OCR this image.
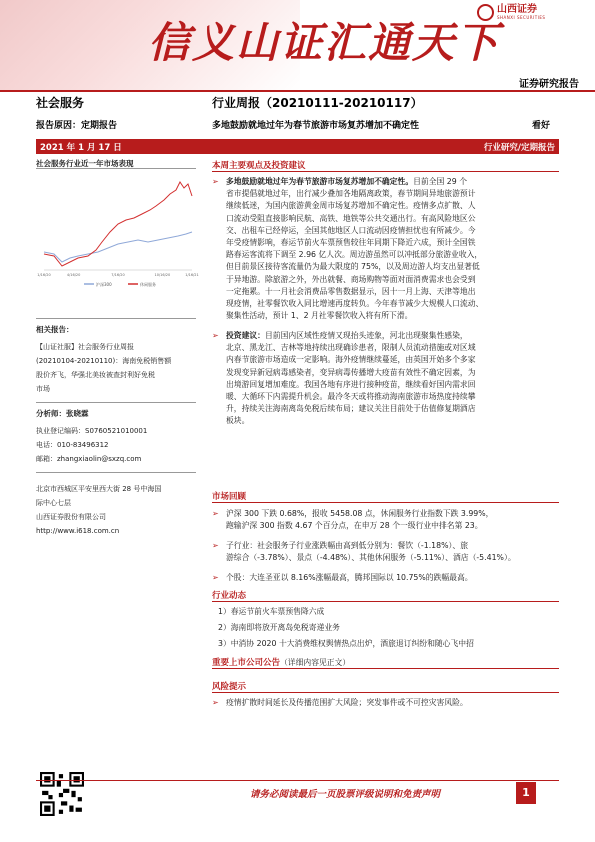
信义山证汇通天下
山西证券
SHANXI SECURITIES
证券研究报告
社会服务	行业周报（20210111-20210117）
报告原因：定期报告	多地鼓励就地过年为春节旅游市场复苏增加不确定性	看好
2021 年 1 月 17 日	行业研究/定期报告
社会服务行业近一年市场表现
1/16/20	4/16/20	7/16/20	10/16/20	1/16/21
沪深300	休闲服务
相关报告：
【山证社服】社会服务行业周报
(20210104-20210110)：海南免税销售额
股价齐飞，华强北美妆被查封利好免税
市场
分析师：张晓霖
执业登记编码：S0760521010001
电话：010-83496312
邮箱：zhangxiaolin@sxzq.com
北京市西城区平安里西大街 28 号中海国
际中心七层
山西证券股份有限公司
http://www.i618.com.cn
本周主要观点及投资建议
➢ 多地鼓励就地过年为春节旅游市场复苏增加不确定性。目前全国 29 个
省市提倡就地过年，出行减少叠加各地隔离政策，春节期间异地旅游预计
继续低迷，为国内旅游黄金周市场复苏增加不确定性。疫情多点扩散、人
口流动受阻直接影响民航、高铁、地铁等公共交通出行。有高风险地区公
交、出租车已经停运，全国其他地区人口流动因疫情担忧也有所减少。今
年受疫情影响，春运节前火车票预售较往年同期下降近六成，预计全国铁
路春运客流将下调至 2.96 亿人次。周边游虽然可以冲抵部分旅游业收入，
但目前景区接待客流量仍为最大限度的 75%，以及周边游人均支出显著低
于异地游。除旅游之外，外出就餐、商场购物等面对面消费需求也会受到
一定拖累。十一月社会消费品零售数据显示，因十一月上海、天津等地出
现疫情，社零餐饮收入同比增速再度转负。今年春节减少大规模人口流动、
聚集性活动，预计 1、2 月社零餐饮收入将有所下滑。
➢ 投资建议：目前国内区域性疫情又现抬头迹象，河北出现聚集性感染，
北京、黑龙江、吉林等地持续出现确诊患者，限制人员流动措施或对区域
内春节旅游市场造成一定影响。海外疫情继续蔓延，由英国开始多个多家
发现变异新冠病毒感染者，变异病毒传播增大疫苗有效性不确定因素，为
出境游回复增加难度。我国各地有序进行接种疫苗，继续看好国内需求回
暖、大循环下内需提升机会。最冷冬天或将推动海南旅游市场热度持续攀
升，持续关注海南离岛免税后续布局；建议关注目前处于估值修复期酒店
板块。
市场回顾
➢ 沪深 300 下跌 0.68%，报收 5458.08 点，休闲服务行业指数下跌 3.99%，
跑输沪深 300 指数 4.67 个百分点，在申万 28 个一级行业中排名第 23。
➢ 子行业：社会服务子行业涨跌幅由高到低分别为：餐饮（-1.18%）、旅
游综合（-3.78%）、景点（-4.48%）、其他休闲服务（-5.11%）、酒店（-5.41%）。
➢ 个股：大连圣亚以 8.16%涨幅最高，腾邦国际以 10.75%的跌幅最高。
行业动态
1）春运节前火车票预售降六成
2）海南即将放开离岛免税寄递业务
3）中消协 2020 十大消费维权舆情热点出炉，酒旅退订纠纷和随心飞中招
重要上市公司公告（详细内容见正文）
风险提示
➢ 疫情扩散时间延长及传播范围扩大风险；突发事件或不可控灾害风险。
请务必阅读最后一页股票评级说明和免责声明	1
